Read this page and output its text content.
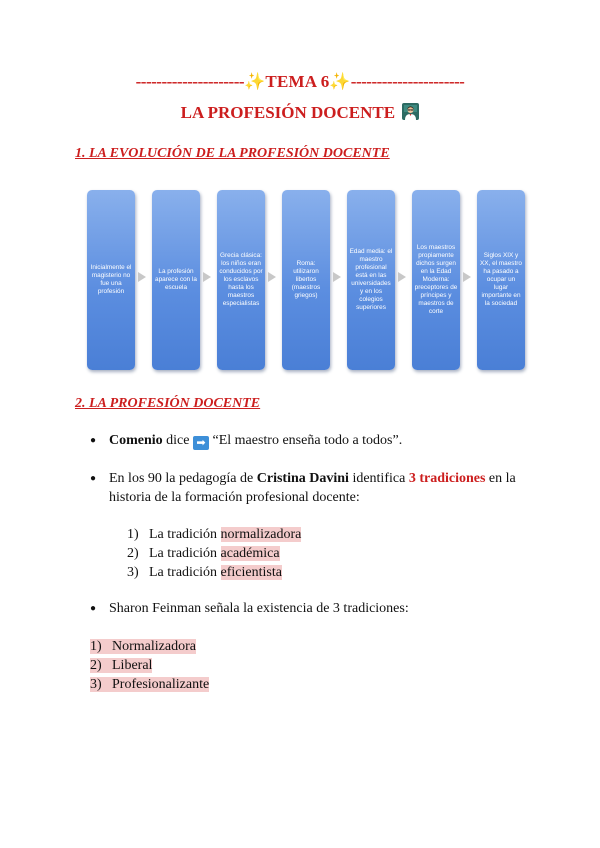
---------------------✨TEMA 6✨----------------------
LA PROFESIÓN DOCENTE
1. LA EVOLUCIÓN DE LA PROFESIÓN DOCENTE
Inicialmente el magisterio no fue una profesión
La profesión aparece con la escuela
Grecia clásica: los niños eran conducidos por los esclavos hasta los maestros especialistas
Roma: utilizaron libertos (maestros griegos)
Edad media: el maestro profesional está en las universidades y en los colegios superiores
Los maestros propiamente dichos surgen en la Edad Moderna: preceptores de príncipes y maestros de corte
Siglos XIX y XX, el maestro ha pasado a ocupar un lugar importante en la sociedad
2. LA PROFESIÓN DOCENTE
● Comenio dice ➡ “El maestro enseña todo a todos”.
● En los 90 la pedagogía de Cristina Davini identifica 3 tradiciones en la
historia de la formación profesional docente:
1) La tradición normalizadora
2) La tradición académica
3) La tradición eficientista
● Sharon Feinman señala la existencia de 3 tradiciones:
1) Normalizadora
2) Liberal
3) Profesionalizante
